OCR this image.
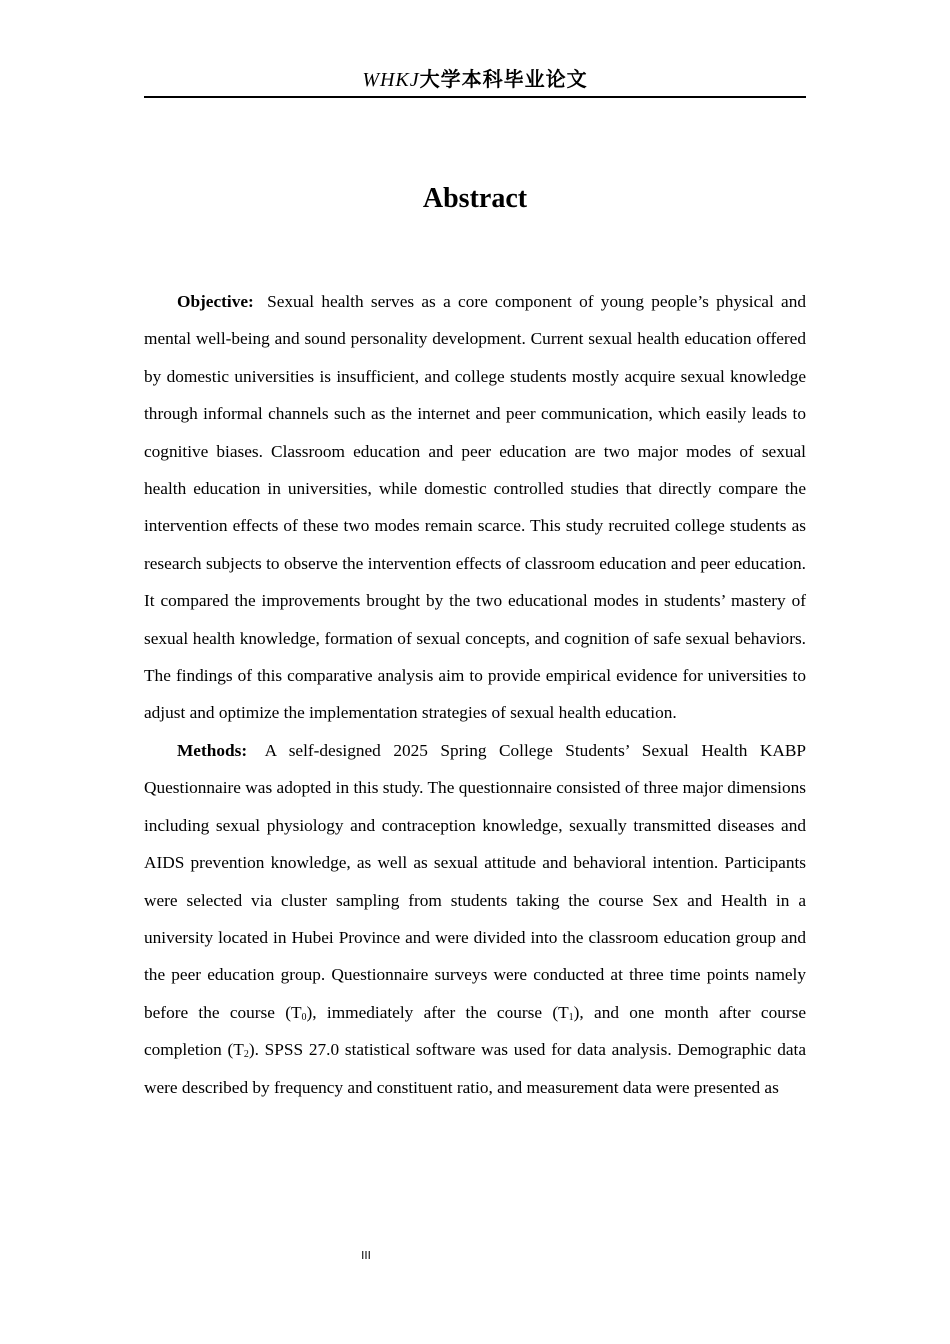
WHKJ大学本科毕业论文
Abstract

Objective: Sexual health serves as a core component of young people’s physical and mental well-being and sound personality development. Current sexual health education offered by domestic universities is insufficient, and college students mostly acquire sexual knowledge through informal channels such as the internet and peer communication, which easily leads to cognitive biases. Classroom education and peer education are two major modes of sexual health education in universities, while domestic controlled studies that directly compare the intervention effects of these two modes remain scarce. This study recruited college students as research subjects to observe the intervention effects of classroom education and peer education. It compared the improvements brought by the two educational modes in students’ mastery of sexual health knowledge, formation of sexual concepts, and cognition of safe sexual behaviors. The findings of this comparative analysis aim to provide empirical evidence for universities to adjust and optimize the implementation strategies of sexual health education.

Methods: A self-designed 2025 Spring College Students’ Sexual Health KABP Questionnaire was adopted in this study. The questionnaire consisted of three major dimensions including sexual physiology and contraception knowledge, sexually transmitted diseases and AIDS prevention knowledge, as well as sexual attitude and behavioral intention. Participants were selected via cluster sampling from students taking the course Sex and Health in a university located in Hubei Province and were divided into the classroom education group and the peer education group. Questionnaire surveys were conducted at three time points namely before the course $(T_0)$, immediately after the course $(T_1)$, and one month after course completion $(T_2)$. SPSS 27.0 statistical software was used for data analysis. Demographic data were described by frequency and constituent ratio, and measurement data were presented as

III
